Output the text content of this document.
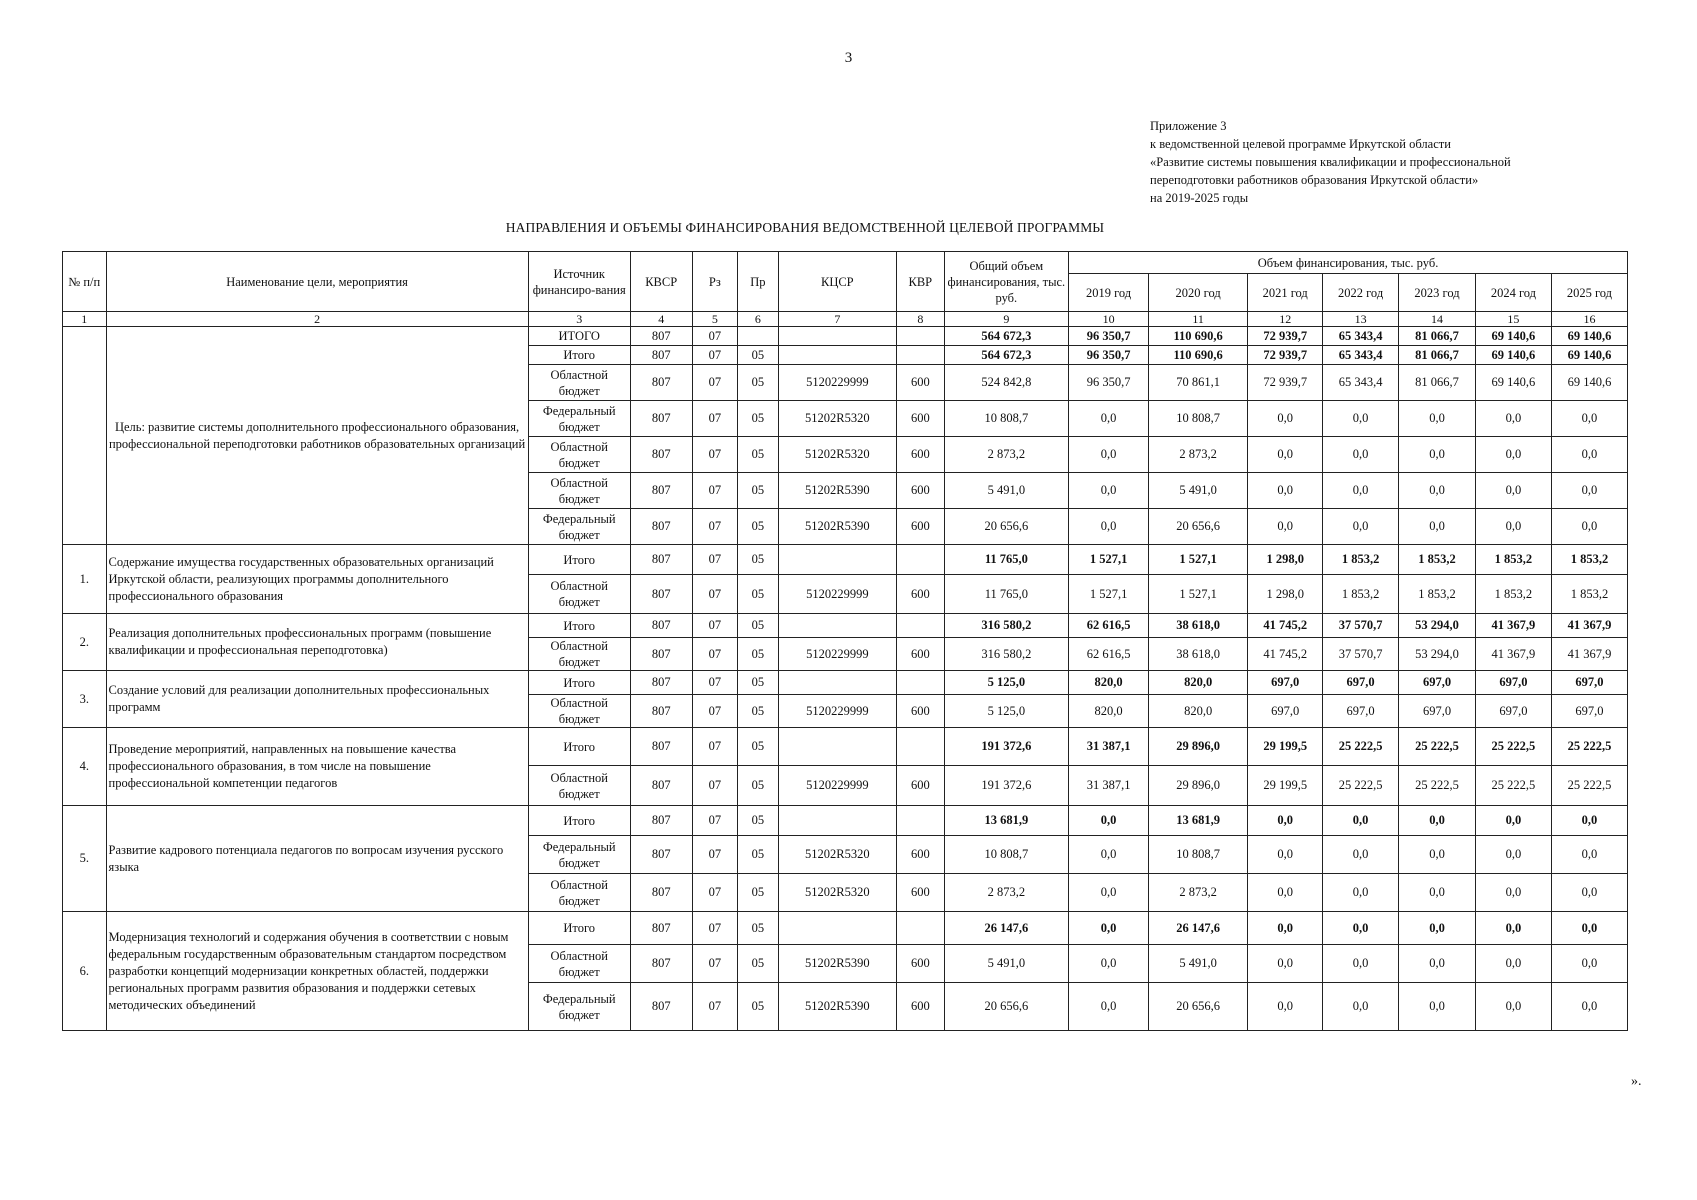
3
Приложение 3
к ведомственной целевой программе Иркутской области
«Развитие системы повышения квалификации и профессиональной
переподготовки работников образования Иркутской области»
на 2019-2025 годы
НАПРАВЛЕНИЯ И ОБЪЕМЫ ФИНАНСИРОВАНИЯ ВЕДОМСТВЕННОЙ ЦЕЛЕВОЙ ПРОГРАММЫ
№ п/п	Наименование цели, мероприятия	Источник финансиро-вания	КВСР	Рз	Пр	КЦСР	КВР	Общий объем финансирования, тыс. руб.	Объем финансирования, тыс. руб.						
									2019 год	2020 год	2021 год	2022 год	2023 год	2024 год	2025 год
1	2	3	4	5	6	7	8	9	10	11	12	13	14	15	16
	Цель: развитие системы дополнительного профессионального образования, профессиональной переподготовки работников образовательных организаций	ИТОГО	807	07				564 672,3	96 350,7	110 690,6	72 939,7	65 343,4	81 066,7	69 140,6	69 140,6
		Итого	807	07	05			564 672,3	96 350,7	110 690,6	72 939,7	65 343,4	81 066,7	69 140,6	69 140,6
		Областной бюджет	807	07	05	5120229999	600	524 842,8	96 350,7	70 861,1	72 939,7	65 343,4	81 066,7	69 140,6	69 140,6
		Федеральный бюджет	807	07	05	51202R5320	600	10 808,7	0,0	10 808,7	0,0	0,0	0,0	0,0	0,0
		Областной бюджет	807	07	05	51202R5320	600	2 873,2	0,0	2 873,2	0,0	0,0	0,0	0,0	0,0
		Областной бюджет	807	07	05	51202R5390	600	5 491,0	0,0	5 491,0	0,0	0,0	0,0	0,0	0,0
		Федеральный бюджет	807	07	05	51202R5390	600	20 656,6	0,0	20 656,6	0,0	0,0	0,0	0,0	0,0
1.	Содержание имущества государственных образовательных организаций Иркутской области, реализующих программы дополнительного профессионального образования	Итого	807	07	05			11 765,0	1 527,1	1 527,1	1 298,0	1 853,2	1 853,2	1 853,2	1 853,2
		Областной бюджет	807	07	05	5120229999	600	11 765,0	1 527,1	1 527,1	1 298,0	1 853,2	1 853,2	1 853,2	1 853,2
2.	Реализация дополнительных профессиональных программ (повышение квалификации и профессиональная переподготовка)	Итого	807	07	05			316 580,2	62 616,5	38 618,0	41 745,2	37 570,7	53 294,0	41 367,9	41 367,9
		Областной бюджет	807	07	05	5120229999	600	316 580,2	62 616,5	38 618,0	41 745,2	37 570,7	53 294,0	41 367,9	41 367,9
3.	Создание условий для реализации дополнительных профессиональных программ	Итого	807	07	05			5 125,0	820,0	820,0	697,0	697,0	697,0	697,0	697,0
		Областной бюджет	807	07	05	5120229999	600	5 125,0	820,0	820,0	697,0	697,0	697,0	697,0	697,0
4.	Проведение мероприятий, направленных на повышение качества профессионального образования, в том числе на повышение профессиональной компетенции педагогов	Итого	807	07	05			191 372,6	31 387,1	29 896,0	29 199,5	25 222,5	25 222,5	25 222,5	25 222,5
		Областной бюджет	807	07	05	5120229999	600	191 372,6	31 387,1	29 896,0	29 199,5	25 222,5	25 222,5	25 222,5	25 222,5
5.	Развитие кадрового потенциала педагогов по вопросам изучения русского языка	Итого	807	07	05			13 681,9	0,0	13 681,9	0,0	0,0	0,0	0,0	0,0
		Федеральный бюджет	807	07	05	51202R5320	600	10 808,7	0,0	10 808,7	0,0	0,0	0,0	0,0	0,0
		Областной бюджет	807	07	05	51202R5320	600	2 873,2	0,0	2 873,2	0,0	0,0	0,0	0,0	0,0
6.	Модернизация технологий и содержания обучения в соответствии с новым федеральным государственным образовательным стандартом посредством разработки концепций модернизации конкретных областей, поддержки региональных программ развития образования и поддержки сетевых методических объединений	Итого	807	07	05			26 147,6	0,0	26 147,6	0,0	0,0	0,0	0,0	0,0
		Областной бюджет	807	07	05	51202R5390	600	5 491,0	0,0	5 491,0	0,0	0,0	0,0	0,0	0,0
		Федеральный бюджет	807	07	05	51202R5390	600	20 656,6	0,0	20 656,6	0,0	0,0	0,0	0,0	0,0
».
